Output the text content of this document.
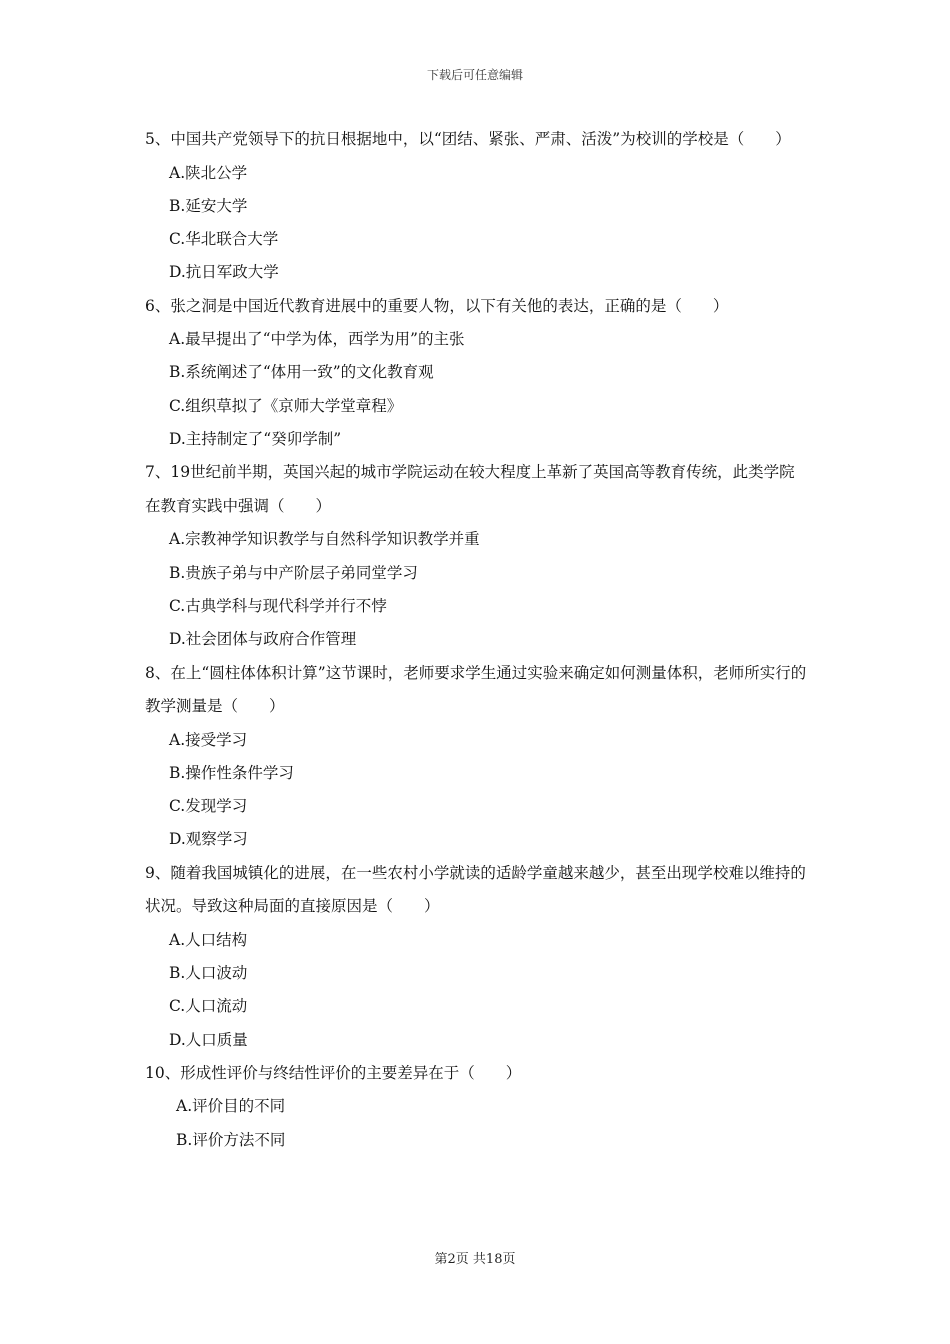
下载后可任意编辑

5、中国共产党领导下的抗日根据地中，以“团结、紧张、严肃、活泼”为校训的学校是（　　）

A.陕北公学

B.延安大学

C.华北联合大学

D.抗日军政大学

6、张之洞是中国近代教育进展中的重要人物，以下有关他的表达，正确的是（　　）

A.最早提出了“中学为体，西学为用”的主张

B.系统阐述了“体用一致”的文化教育观

C.组织草拟了《京师大学堂章程》

D.主持制定了“癸卯学制”

7、19世纪前半期，英国兴起的城市学院运动在较大程度上革新了英国高等教育传统，此类学院在教育实践中强调（　　）

A.宗教神学知识教学与自然科学知识教学并重

B.贵族子弟与中产阶层子弟同堂学习

C.古典学科与现代科学并行不悖

D.社会团体与政府合作管理

8、在上“圆柱体体积计算”这节课时，老师要求学生通过实验来确定如何测量体积，老师所实行的教学测量是（　　）

A.接受学习

B.操作性条件学习

C.发现学习

D.观察学习

9、随着我国城镇化的进展，在一些农村小学就读的适龄学童越来越少，甚至出现学校难以维持的状况。导致这种局面的直接原因是（　　）

A.人口结构

B.人口波动

C.人口流动

D.人口质量

10、形成性评价与终结性评价的主要差异在于（　　）

A.评价目的不同

B.评价方法不同

第2页 共18页
